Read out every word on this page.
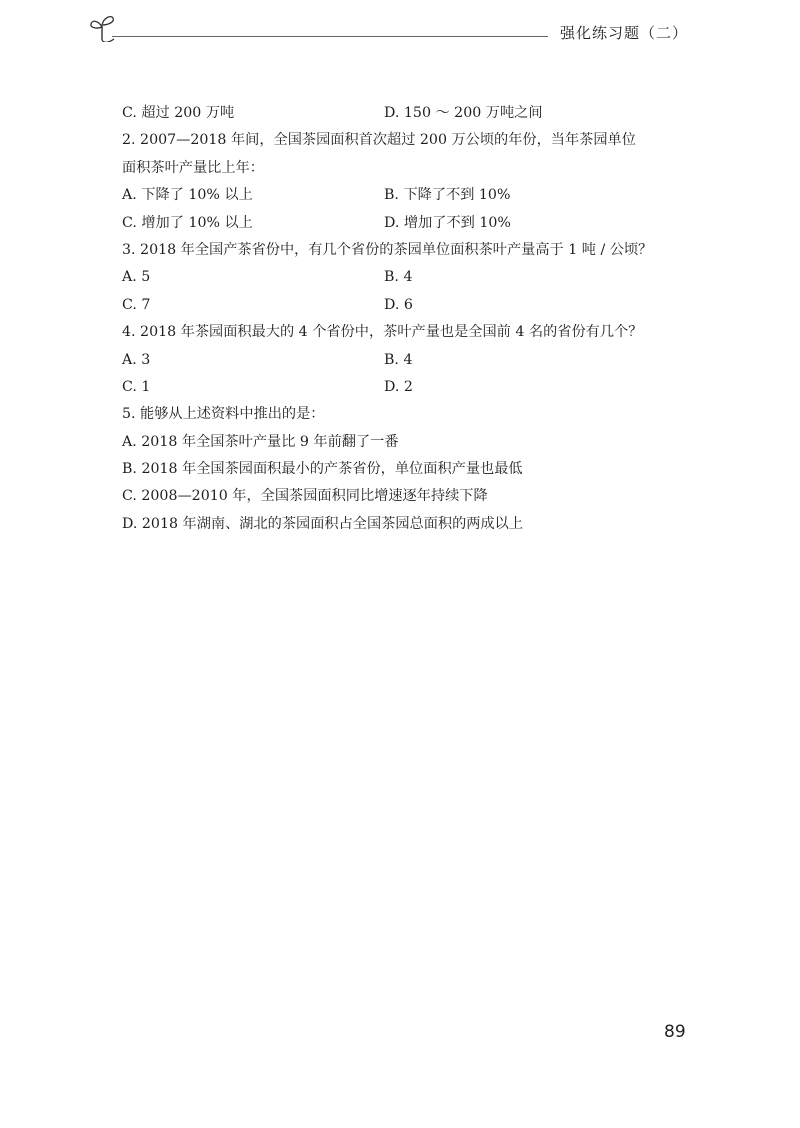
强化练习题（二）
C. 超过 200 万吨	D. 150 ～ 200 万吨之间
2. 2007—2018 年间，全国茶园面积首次超过 200 万公顷的年份，当年茶园单位
面积茶叶产量比上年：
A. 下降了 10% 以上	B. 下降了不到 10%
C. 增加了 10% 以上	D. 增加了不到 10%
3. 2018 年全国产茶省份中，有几个省份的茶园单位面积茶叶产量高于 1 吨 / 公顷？
A. 5	B. 4
C. 7	D. 6
4. 2018 年茶园面积最大的 4 个省份中，茶叶产量也是全国前 4 名的省份有几个？
A. 3	B. 4
C. 1	D. 2
5. 能够从上述资料中推出的是：
A. 2018 年全国茶叶产量比 9 年前翻了一番
B. 2018 年全国茶园面积最小的产茶省份，单位面积产量也最低
C. 2008—2010 年，全国茶园面积同比增速逐年持续下降
D. 2018 年湖南、湖北的茶园面积占全国茶园总面积的两成以上
89
